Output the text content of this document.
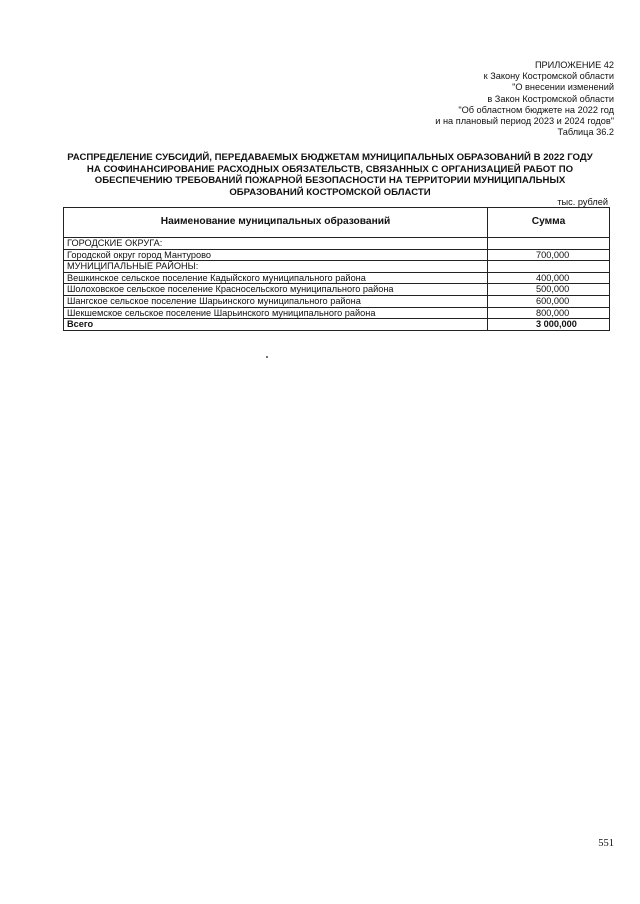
ПРИЛОЖЕНИЕ 42
к Закону Костромской области
"О внесении изменений
в Закон Костромской области
"Об областном бюджете на 2022 год
и на плановый период 2023 и 2024 годов"
Таблица 36.2
РАСПРЕДЕЛЕНИЕ СУБСИДИЙ, ПЕРЕДАВАЕМЫХ БЮДЖЕТАМ МУНИЦИПАЛЬНЫХ ОБРАЗОВАНИЙ В 2022 ГОДУ
НА СОФИНАНСИРОВАНИЕ РАСХОДНЫХ ОБЯЗАТЕЛЬСТВ, СВЯЗАННЫХ С ОРГАНИЗАЦИЕЙ РАБОТ ПО
ОБЕСПЕЧЕНИЮ ТРЕБОВАНИЙ ПОЖАРНОЙ БЕЗОПАСНОСТИ НА ТЕРРИТОРИИ МУНИЦИПАЛЬНЫХ
ОБРАЗОВАНИЙ КОСТРОМСКОЙ ОБЛАСТИ
тыс. рублей
Наименование муниципальных образований	Сумма
ГОРОДСКИЕ ОКРУГА:	
Городской округ город Мантурово	700,000
МУНИЦИПАЛЬНЫЕ РАЙОНЫ:	
Вешкинское сельское поселение Кадыйского муниципального района	400,000
Шолоховское сельское поселение Красносельского муниципального района	500,000
Шангское сельское поселение Шарьинского муниципального района	600,000
Шекшемское сельское поселение Шарьинского муниципального района	800,000
Всего	3 000,000
551
